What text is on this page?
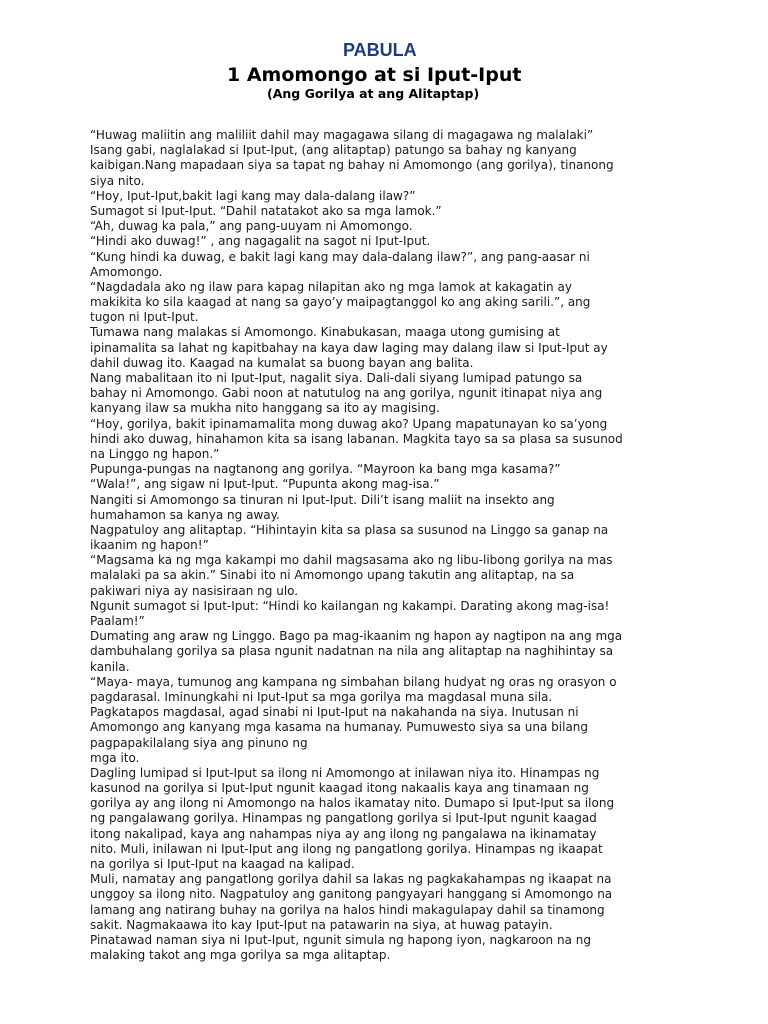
PABULA
1 Amomongo at si Iput-Iput
(Ang Gorilya at ang Alitaptap)
“Huwag maliitin ang maliliit dahil may magagawa silang di magagawa ng malalaki”
Isang gabi, naglalakad si Iput-Iput, (ang alitaptap) patungo sa bahay ng kanyang
kaibigan.Nang mapadaan siya sa tapat ng bahay ni Amomongo (ang gorilya), tinanong
siya nito.
“Hoy, Iput-Iput,bakit lagi kang may dala-dalang ilaw?”
Sumagot si Iput-Iput. “Dahil natatakot ako sa mga lamok.”
“Ah, duwag ka pala,” ang pang-uuyam ni Amomongo.
“Hindi ako duwag!” , ang nagagalit na sagot ni Iput-Iput.
“Kung hindi ka duwag, e bakit lagi kang may dala-dalang ilaw?”, ang pang-aasar ni
Amomongo.
“Nagdadala ako ng ilaw para kapag nilapitan ako ng mga lamok at kakagatin ay
makikita ko sila kaagad at nang sa gayo’y maipagtanggol ko ang aking sarili.”, ang
tugon ni Iput-Iput.
Tumawa nang malakas si Amomongo. Kinabukasan, maaga utong gumising at
ipinamalita sa lahat ng kapitbahay na kaya daw laging may dalang ilaw si Iput-Iput ay
dahil duwag ito. Kaagad na kumalat sa buong bayan ang balita.
Nang mabalitaan ito ni Iput-Iput, nagalit siya. Dali-dali siyang lumipad patungo sa
bahay ni Amomongo. Gabi noon at natutulog na ang gorilya, ngunit itinapat niya ang
kanyang ilaw sa mukha nito hanggang sa ito ay magising.
“Hoy, gorilya, bakit ipinamamalita mong duwag ako? Upang mapatunayan ko sa’yong
hindi ako duwag, hinahamon kita sa isang labanan. Magkita tayo sa sa plasa sa susunod
na Linggo ng hapon.”
Pupunga-pungas na nagtanong ang gorilya. “Mayroon ka bang mga kasama?”
“Wala!”, ang sigaw ni Iput-Iput. “Pupunta akong mag-isa.”
Nangiti si Amomongo sa tinuran ni Iput-Iput. Dili’t isang maliit na insekto ang
humahamon sa kanya ng away.
Nagpatuloy ang alitaptap. “Hihintayin kita sa plasa sa susunod na Linggo sa ganap na
ikaanim ng hapon!”
“Magsama ka ng mga kakampi mo dahil magsasama ako ng libu-libong gorilya na mas
malalaki pa sa akin.” Sinabi ito ni Amomongo upang takutin ang alitaptap, na sa
pakiwari niya ay nasisiraan ng ulo.
Ngunit sumagot si Iput-Iput: “Hindi ko kailangan ng kakampi. Darating akong mag-isa!
Paalam!”
Dumating ang araw ng Linggo. Bago pa mag-ikaanim ng hapon ay nagtipon na ang mga
dambuhalang gorilya sa plasa ngunit nadatnan na nila ang alitaptap na naghihintay sa
kanila.
“Maya- maya, tumunog ang kampana ng simbahan bilang hudyat ng oras ng orasyon o
pagdarasal. Iminungkahi ni Iput-Iput sa mga gorilya ma magdasal muna sila.
Pagkatapos magdasal, agad sinabi ni Iput-Iput na nakahanda na siya. Inutusan ni
Amomongo ang kanyang mga kasama na humanay. Pumuwesto siya sa una bilang
pagpapakilalang siya ang pinuno ng
mga ito.
Dagling lumipad si Iput-Iput sa ilong ni Amomongo at inilawan niya ito. Hinampas ng
kasunod na gorilya si Iput-Iput ngunit kaagad itong nakaalis kaya ang tinamaan ng
gorilya ay ang ilong ni Amomongo na halos ikamatay nito. Dumapo si Iput-Iput sa ilong
ng pangalawang gorilya. Hinampas ng pangatlong gorilya si Iput-Iput ngunit kaagad
itong nakalipad, kaya ang nahampas niya ay ang ilong ng pangalawa na ikinamatay
nito. Muli, inilawan ni Iput-Iput ang ilong ng pangatlong gorilya. Hinampas ng ikaapat
na gorilya si Iput-Iput na kaagad na kalipad.
Muli, namatay ang pangatlong gorilya dahil sa lakas ng pagkakahampas ng ikaapat na
unggoy sa ilong nito. Nagpatuloy ang ganitong pangyayari hanggang si Amomongo na
lamang ang natirang buhay na gorilya na halos hindi makagulapay dahil sa tinamong
sakit. Nagmakaawa ito kay Iput-Iput na patawarin na siya, at huwag patayin.
Pinatawad naman siya ni Iput-Iput, ngunit simula ng hapong iyon, nagkaroon na ng
malaking takot ang mga gorilya sa mga alitaptap.
